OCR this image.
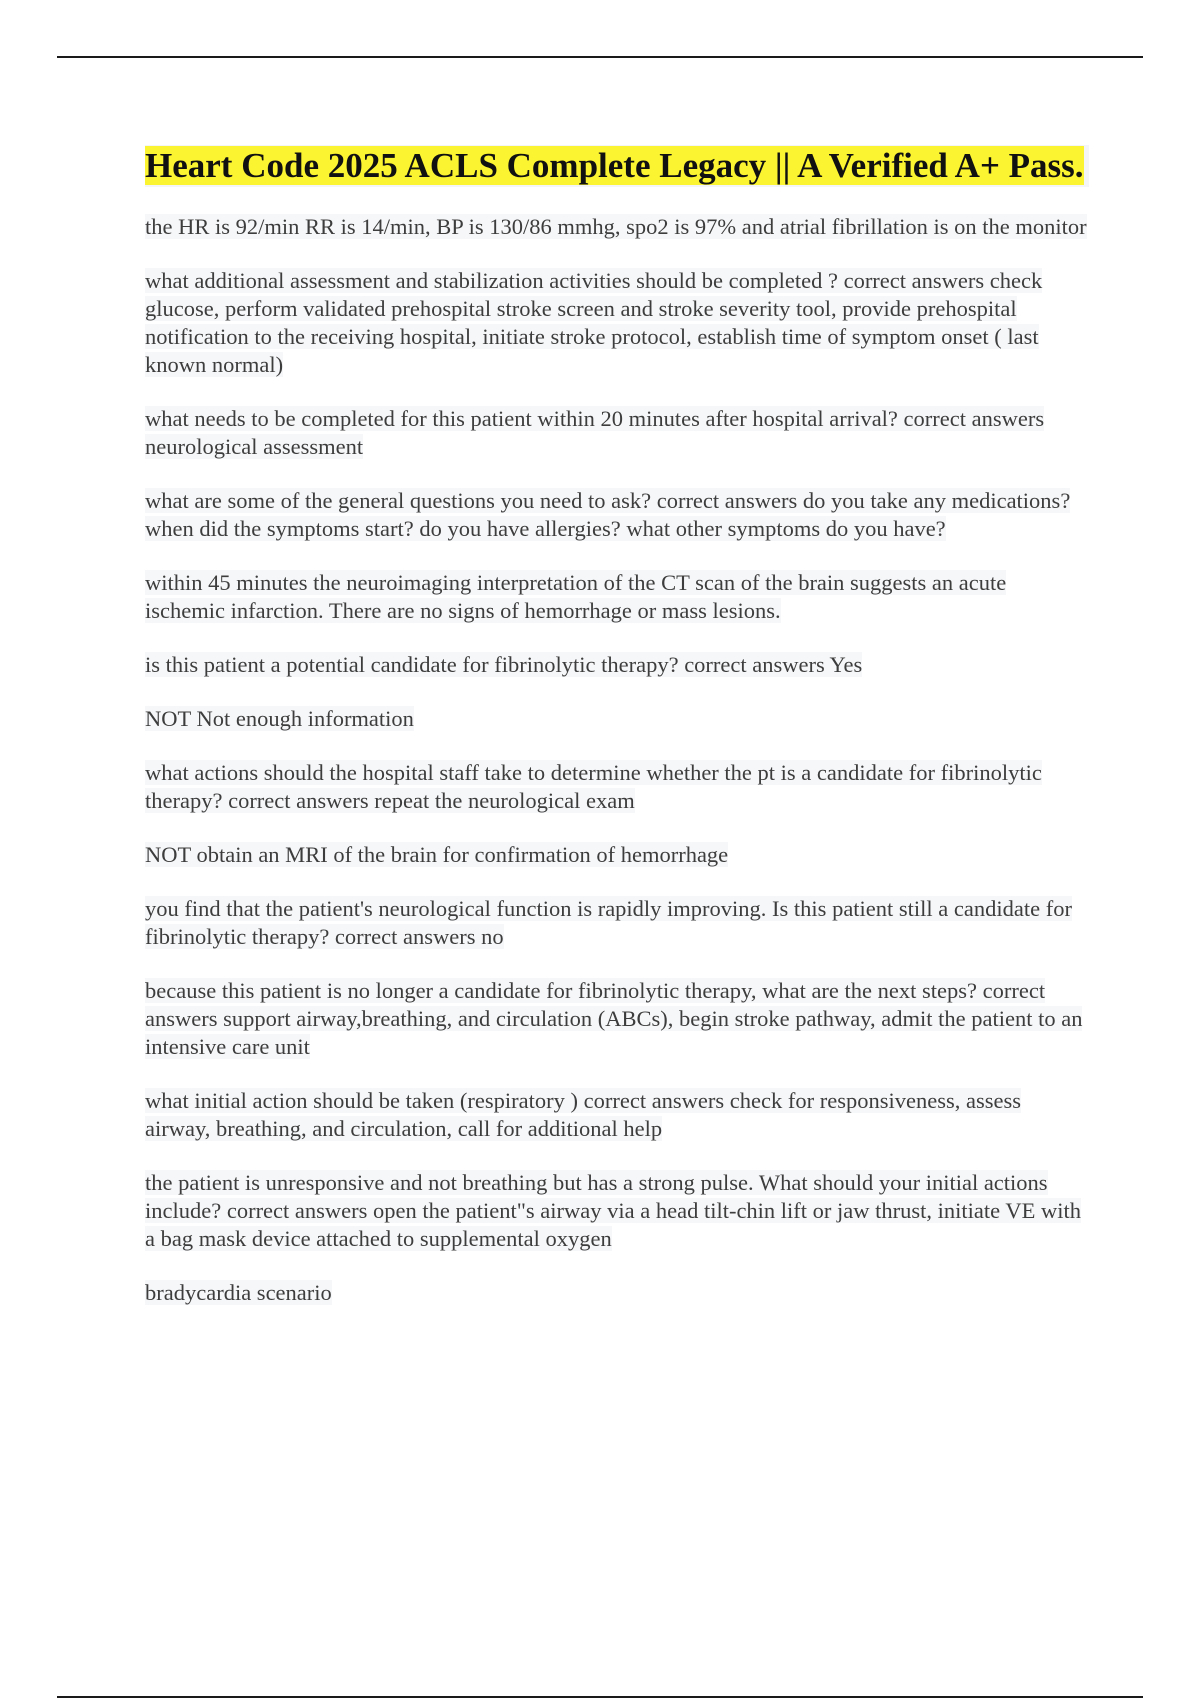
Heart Code 2025 ACLS Complete Legacy || A Verified A+ Pass.

the HR is 92/min RR is 14/min, BP is 130/86 mmhg, spo2 is 97% and atrial fibrillation is on the monitor

what additional assessment and stabilization activities should be completed ? correct answers check glucose, perform validated prehospital stroke screen and stroke severity tool, provide prehospital notification to the receiving hospital, initiate stroke protocol, establish time of symptom onset ( last known normal)

what needs to be completed for this patient within 20 minutes after hospital arrival? correct answers neurological assessment

what are some of the general questions you need to ask? correct answers do you take any medications? when did the symptoms start? do you have allergies? what other symptoms do you have?

within 45 minutes the neuroimaging interpretation of the CT scan of the brain suggests an acute ischemic infarction. There are no signs of hemorrhage or mass lesions.

is this patient a potential candidate for fibrinolytic therapy? correct answers Yes

NOT Not enough information

what actions should the hospital staff take to determine whether the pt is a candidate for fibrinolytic therapy? correct answers repeat the neurological exam

NOT obtain an MRI of the brain for confirmation of hemorrhage

you find that the patient's neurological function is rapidly improving. Is this patient still a candidate for fibrinolytic therapy? correct answers no

because this patient is no longer a candidate for fibrinolytic therapy, what are the next steps? correct answers support airway,breathing, and circulation (ABCs), begin stroke pathway, admit the patient to an intensive care unit

what initial action should be taken (respiratory ) correct answers check for responsiveness, assess airway, breathing, and circulation, call for additional help

the patient is unresponsive and not breathing but has a strong pulse. What should your initial actions include? correct answers open the patient"s airway via a head tilt-chin lift or jaw thrust, initiate VE with a bag mask device attached to supplemental oxygen

bradycardia scenario
